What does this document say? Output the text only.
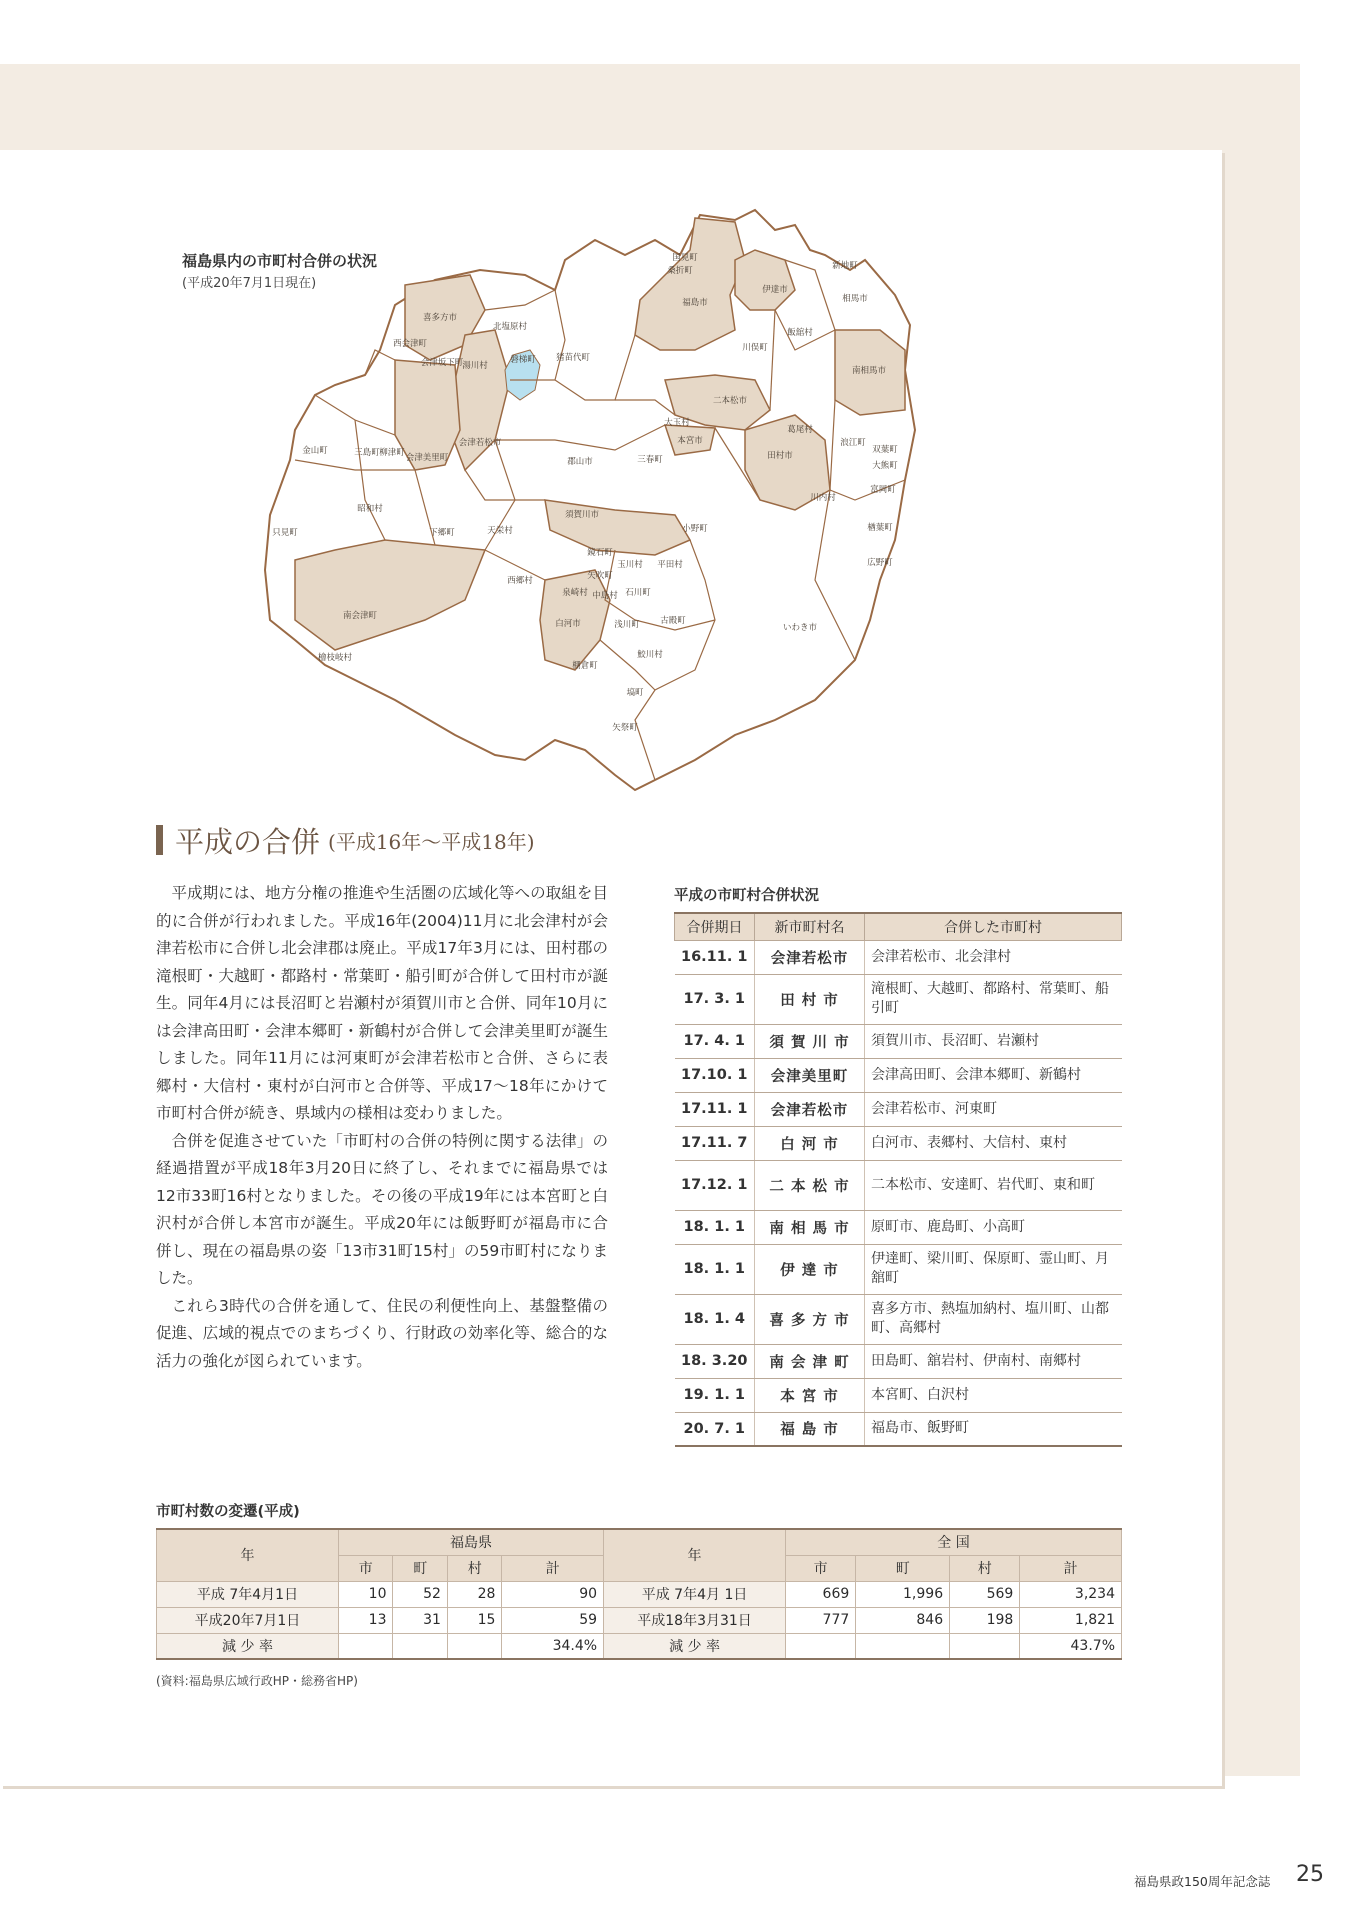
福島県内の市町村合併の状況
(平成20年7月1日現在)
国見町
桑折町
伊達市
福島市
新地町
相馬市
喜多方市
北塩原村
西会津町
会津坂下町
湯川村
磐梯町 猪苗代町
川俣町
飯舘村
南相馬市
二本松市
大玉村
本宮市
葛尾村
浪江町
金山町	三島町 柳津町 会津美里町
会津若松市
郡山市	三春町	田村市
双葉町
大熊町
富岡町
昭和村
須賀川市
川内村
下郷町	天栄村	小野町	楢葉町
只見町
鏡石町
玉川村 平田村	広野町
矢吹町
西郷村
泉崎村 中島村 石川町
南会津町
白河市	古殿町
いわき市
浅川町
鮫川村
棚倉町
檜枝岐村
塙町
矢祭町
平成の合併 (平成16年〜平成18年)

平成期には、地方分権の推進や生活圏の広域化等への取組を目的に合併が行われました。平成16年(2004)11月に北会津村が会津若松市に合併し北会津郡は廃止。平成17年3月には、田村郡の滝根町・大越町・都路村・常葉町・船引町が合併して田村市が誕生。同年4月には長沼町と岩瀬村が須賀川市と合併、同年10月には会津高田町・会津本郷町・新鶴村が合併して会津美里町が誕生しました。同年11月には河東町が会津若松市と合併、さらに表郷村・大信村・東村が白河市と合併等、平成17〜18年にかけて市町村合併が続き、県域内の様相は変わりました。

合併を促進させていた「市町村の合併の特例に関する法律」の経過措置が平成18年3月20日に終了し、それまでに福島県では12市33町16村となりました。その後の平成19年には本宮町と白沢村が合併し本宮市が誕生。平成20年には飯野町が福島市に合併し、現在の福島県の姿「13市31町15村」の59市町村になりました。

これら3時代の合併を通して、住民の利便性向上、基盤整備の促進、広域的視点でのまちづくり、行財政の効率化等、総合的な活力の強化が図られています。

平成の市町村合併状況
合併期日	新市町村名	合併した市町村
16.11. 1	会津若松市	会津若松市、北会津村
17. 3. 1	田 村 市	滝根町、大越町、都路村、常葉町、船引町
17. 4. 1	須 賀 川 市	須賀川市、長沼町、岩瀬村
17.10. 1	会津美里町	会津高田町、会津本郷町、新鶴村
17.11. 1	会津若松市	会津若松市、河東町
17.11. 7	白 河 市	白河市、表郷村、大信村、東村
17.12. 1	二 本 松 市	二本松市、安達町、岩代町、東和町
18. 1. 1	南 相 馬 市	原町市、鹿島町、小高町
18. 1. 1	伊 達 市	伊達町、梁川町、保原町、霊山町、月舘町
18. 1. 4	喜 多 方 市	喜多方市、熱塩加納村、塩川町、山都町、高郷村
18. 3.20	南 会 津 町	田島町、舘岩村、伊南村、南郷村
19. 1. 1	本 宮 市	本宮町、白沢村
20. 7. 1	福 島 市	福島市、飯野町
市町村数の変遷(平成)
年	福島県				年	全 国			
	市	町	村	計		市	町	村	計
平成 7年4月1日	10	52	28	90	平成 7年4月 1日	669	1,996	569	3,234
平成20年7月1日	13	31	15	59	平成18年3月31日	777	846	198	1,821
減 少 率				34.4%	減 少 率				43.7%
(資料:福島県広域行政HP・総務省HP)
福島県政150周年記念誌 25
